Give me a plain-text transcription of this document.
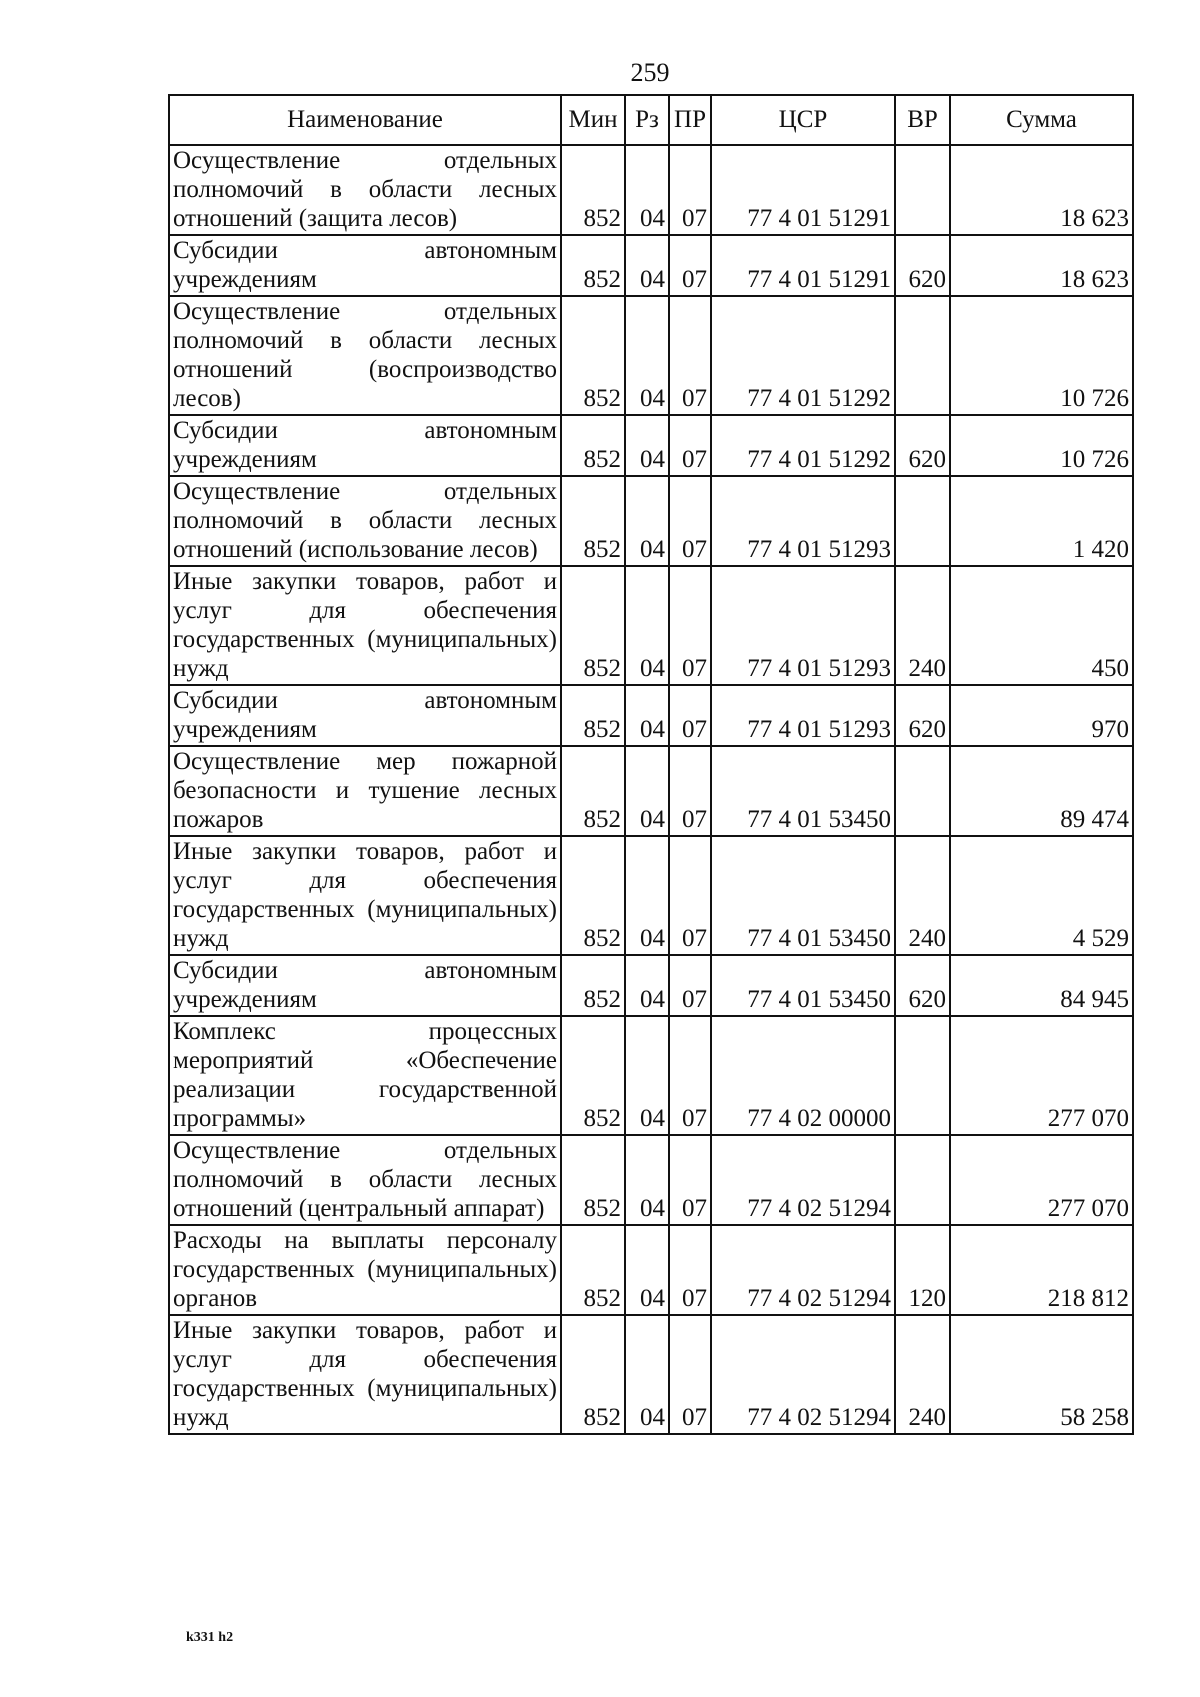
259
Наименование	Мин	Рз	ПР	ЦСР	ВР	Сумма
Осуществление отдельных полномочий в области лесных отношений (защита лесов)	852	04	07	77 4 01 51291		18 623
Субсидии автономным учреждениям	852	04	07	77 4 01 51291	620	18 623
Осуществление отдельных полномочий в области лесных отношений (воспроизводство лесов)	852	04	07	77 4 01 51292		10 726
Субсидии автономным учреждениям	852	04	07	77 4 01 51292	620	10 726
Осуществление отдельных полномочий в области лесных отношений (использование лесов)	852	04	07	77 4 01 51293		1 420
Иные закупки товаров, работ и услуг для обеспечения государственных (муниципальных) нужд	852	04	07	77 4 01 51293	240	450
Субсидии автономным учреждениям	852	04	07	77 4 01 51293	620	970
Осуществление мер пожарной безопасности и тушение лесных пожаров	852	04	07	77 4 01 53450		89 474
Иные закупки товаров, работ и услуг для обеспечения государственных (муниципальных) нужд	852	04	07	77 4 01 53450	240	4 529
Субсидии автономным учреждениям	852	04	07	77 4 01 53450	620	84 945
Комплекс процессных мероприятий «Обеспечение реализации государственной программы»	852	04	07	77 4 02 00000		277 070
Осуществление отдельных полномочий в области лесных отношений (центральный аппарат)	852	04	07	77 4 02 51294		277 070
Расходы на выплаты персоналу государственных (муниципальных) органов	852	04	07	77 4 02 51294	120	218 812
Иные закупки товаров, работ и услуг для обеспечения государственных (муниципальных) нужд	852	04	07	77 4 02 51294	240	58 258
k331 h2
